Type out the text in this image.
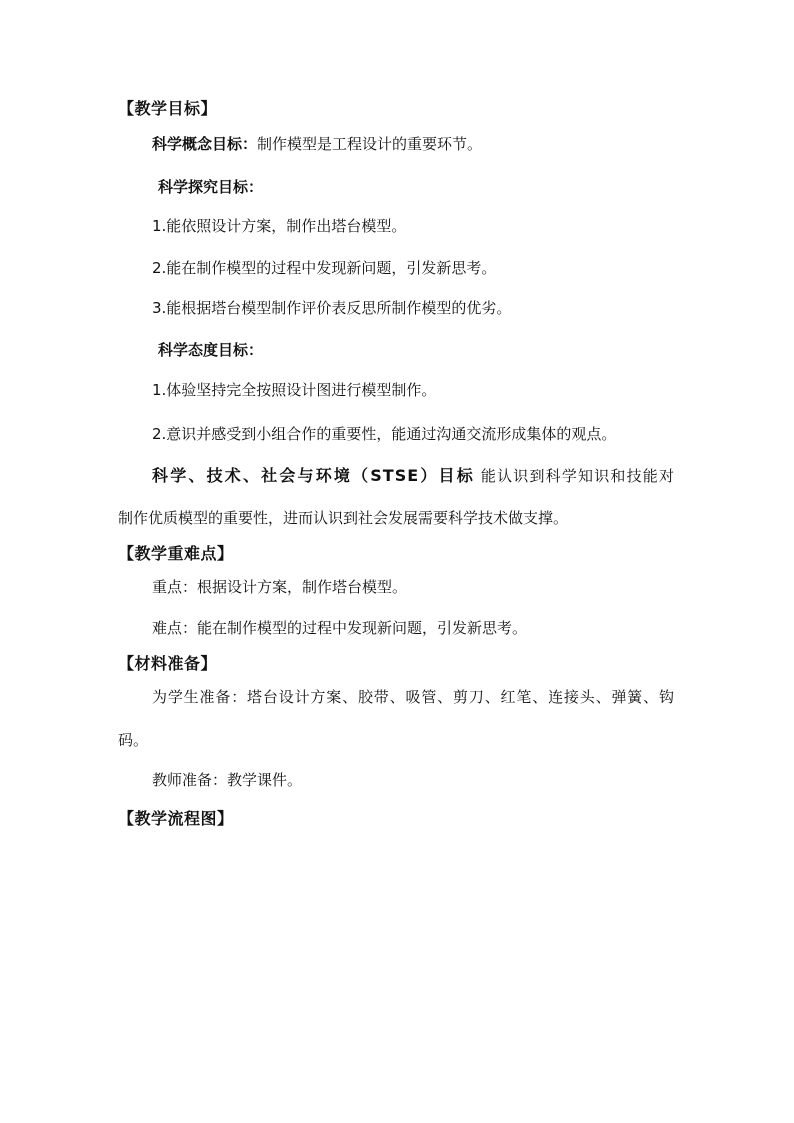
【教学目标】
科学概念目标：制作模型是工程设计的重要环节。
科学探究目标：
1.能依照设计方案，制作出塔台模型。
2.能在制作模型的过程中发现新问题，引发新思考。
3.能根据塔台模型制作评价表反思所制作模型的优劣。
科学态度目标：
1.体验坚持完全按照设计图进行模型制作。
2.意识并感受到小组合作的重要性，能通过沟通交流形成集体的观点。
科学、技术、社会与环境（STSE）目标 能认识到科学知识和技能对
制作优质模型的重要性，进而认识到社会发展需要科学技术做支撑。
【教学重难点】
重点：根据设计方案，制作塔台模型。
难点：能在制作模型的过程中发现新问题，引发新思考。
【材料准备】
为学生准备：塔台设计方案、胶带、吸管、剪刀、红笔、连接头、弹簧、钩
码。
教师准备：教学课件。
【教学流程图】
